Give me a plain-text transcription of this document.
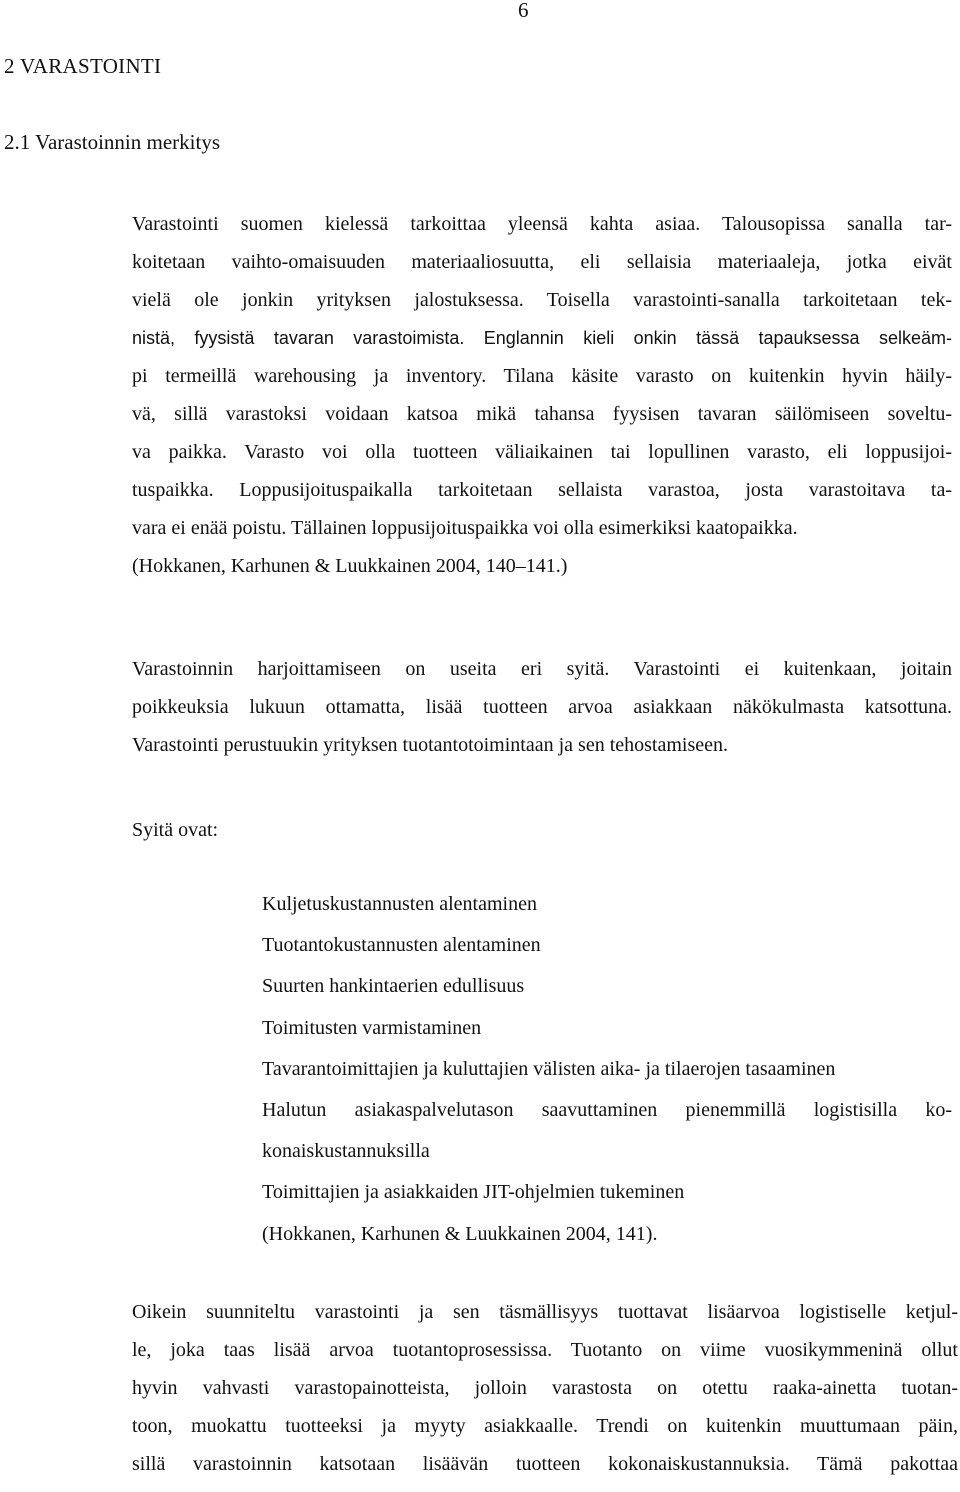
6
2 VARASTOINTI
2.1 Varastoinnin merkitys
Varastointi suomen kielessä tarkoittaa yleensä kahta asiaa. Talousopissa sanalla tar-
koitetaan vaihto-omaisuuden materiaaliosuutta, eli sellaisia materiaaleja, jotka eivät
vielä ole jonkin yrityksen jalostuksessa. Toisella varastointi-sanalla tarkoitetaan tek-
nistä, fyysistä tavaran varastoimista. Englannin kieli onkin tässä tapauksessa selkeäm-
pi termeillä warehousing ja inventory. Tilana käsite varasto on kuitenkin hyvin häily-
vä, sillä varastoksi voidaan katsoa mikä tahansa fyysisen tavaran säilömiseen soveltu-
va paikka. Varasto voi olla tuotteen väliaikainen tai lopullinen varasto, eli loppusijoi-
tuspaikka. Loppusijoituspaikalla tarkoitetaan sellaista varastoa, josta varastoitava ta-
vara ei enää poistu. Tällainen loppusijoituspaikka voi olla esimerkiksi kaatopaikka.
(Hokkanen, Karhunen & Luukkainen 2004, 140–141.)
Varastoinnin harjoittamiseen on useita eri syitä. Varastointi ei kuitenkaan, joitain
poikkeuksia lukuun ottamatta, lisää tuotteen arvoa asiakkaan näkökulmasta katsottuna.
Varastointi perustuukin yrityksen tuotantotoimintaan ja sen tehostamiseen.
Syitä ovat:
Kuljetuskustannusten alentaminen
Tuotantokustannusten alentaminen
Suurten hankintaerien edullisuus
Toimitusten varmistaminen
Tavarantoimittajien ja kuluttajien välisten aika- ja tilaerojen tasaaminen
Halutun asiakaspalvelutason saavuttaminen pienemmillä logistisilla ko-
konaiskustannuksilla
Toimittajien ja asiakkaiden JIT-ohjelmien tukeminen
(Hokkanen, Karhunen & Luukkainen 2004, 141).
Oikein suunniteltu varastointi ja sen täsmällisyys tuottavat lisäarvoa logistiselle ketjul-
le, joka taas lisää arvoa tuotantoprosessissa. Tuotanto on viime vuosikymmeninä ollut
hyvin vahvasti varastopainotteista, jolloin varastosta on otettu raaka-ainetta tuotan-
toon, muokattu tuotteeksi ja myyty asiakkaalle. Trendi on kuitenkin muuttumaan päin,
sillä varastoinnin katsotaan lisäävän tuotteen kokonaiskustannuksia. Tämä pakottaa
